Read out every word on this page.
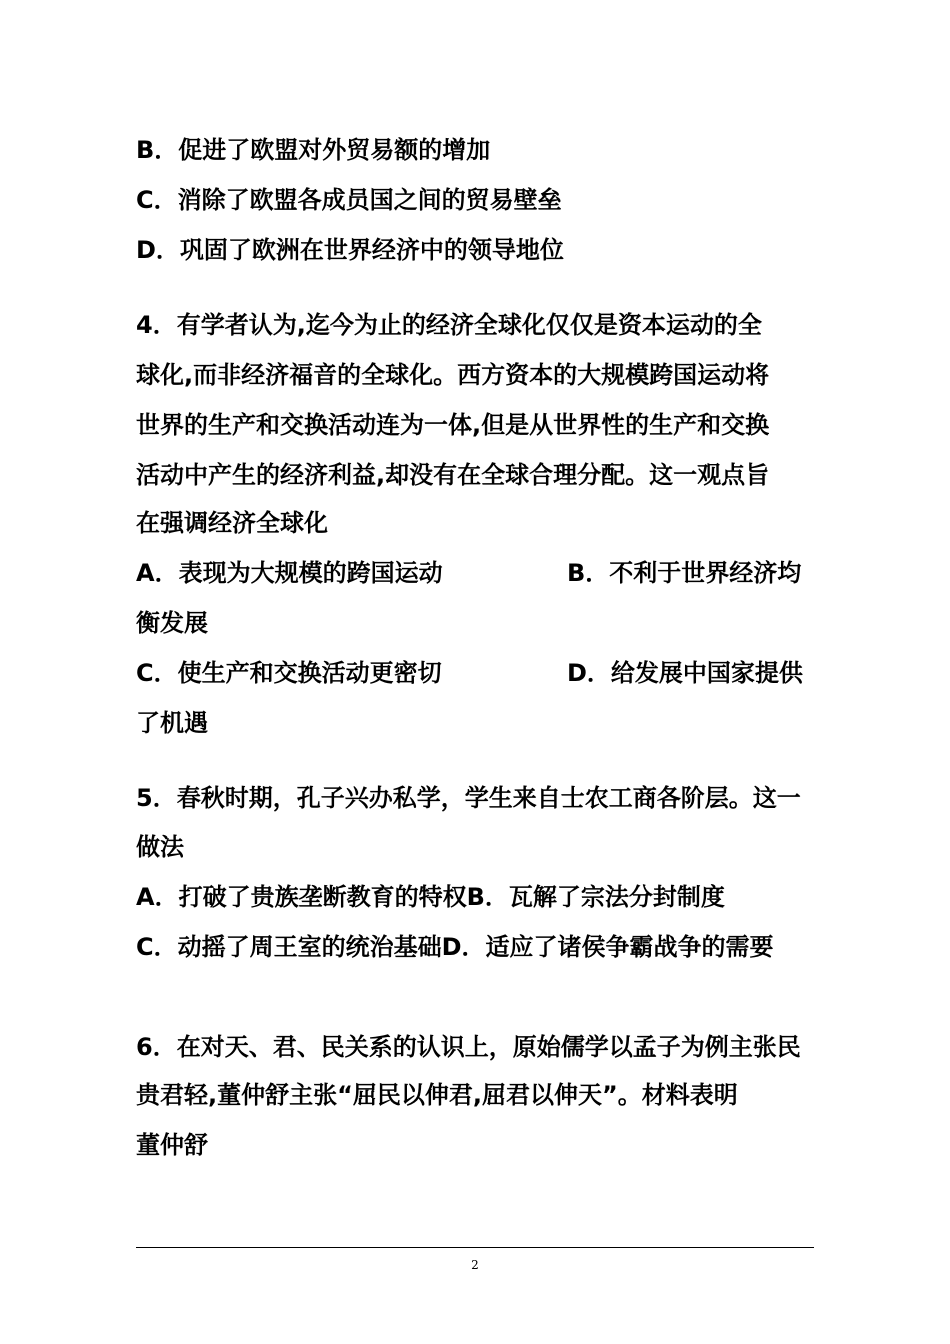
B．促进了欧盟对外贸易额的增加
C．消除了欧盟各成员国之间的贸易壁垒
D．巩固了欧洲在世界经济中的领导地位
4．有学者认为,迄今为止的经济全球化仅仅是资本运动的全
球化,而非经济福音的全球化。西方资本的大规模跨国运动将
世界的生产和交换活动连为一体,但是从世界性的生产和交换
活动中产生的经济利益,却没有在全球合理分配。这一观点旨
在强调经济全球化
A．表现为大规模的跨国运动	B．不利于世界经济均
衡发展
C．使生产和交换活动更密切	D．给发展中国家提供
了机遇
5．春秋时期，孔子兴办私学，学生来自士农工商各阶层。这一
做法
A．打破了贵族垄断教育的特权B．瓦解了宗法分封制度
C．动摇了周王室的统治基础D．适应了诸侯争霸战争的需要
6．在对天、君、民关系的认识上，原始儒学以孟子为例主张民
贵君轻,董仲舒主张“屈民以伸君,屈君以伸天”。材料表明
董仲舒
2
